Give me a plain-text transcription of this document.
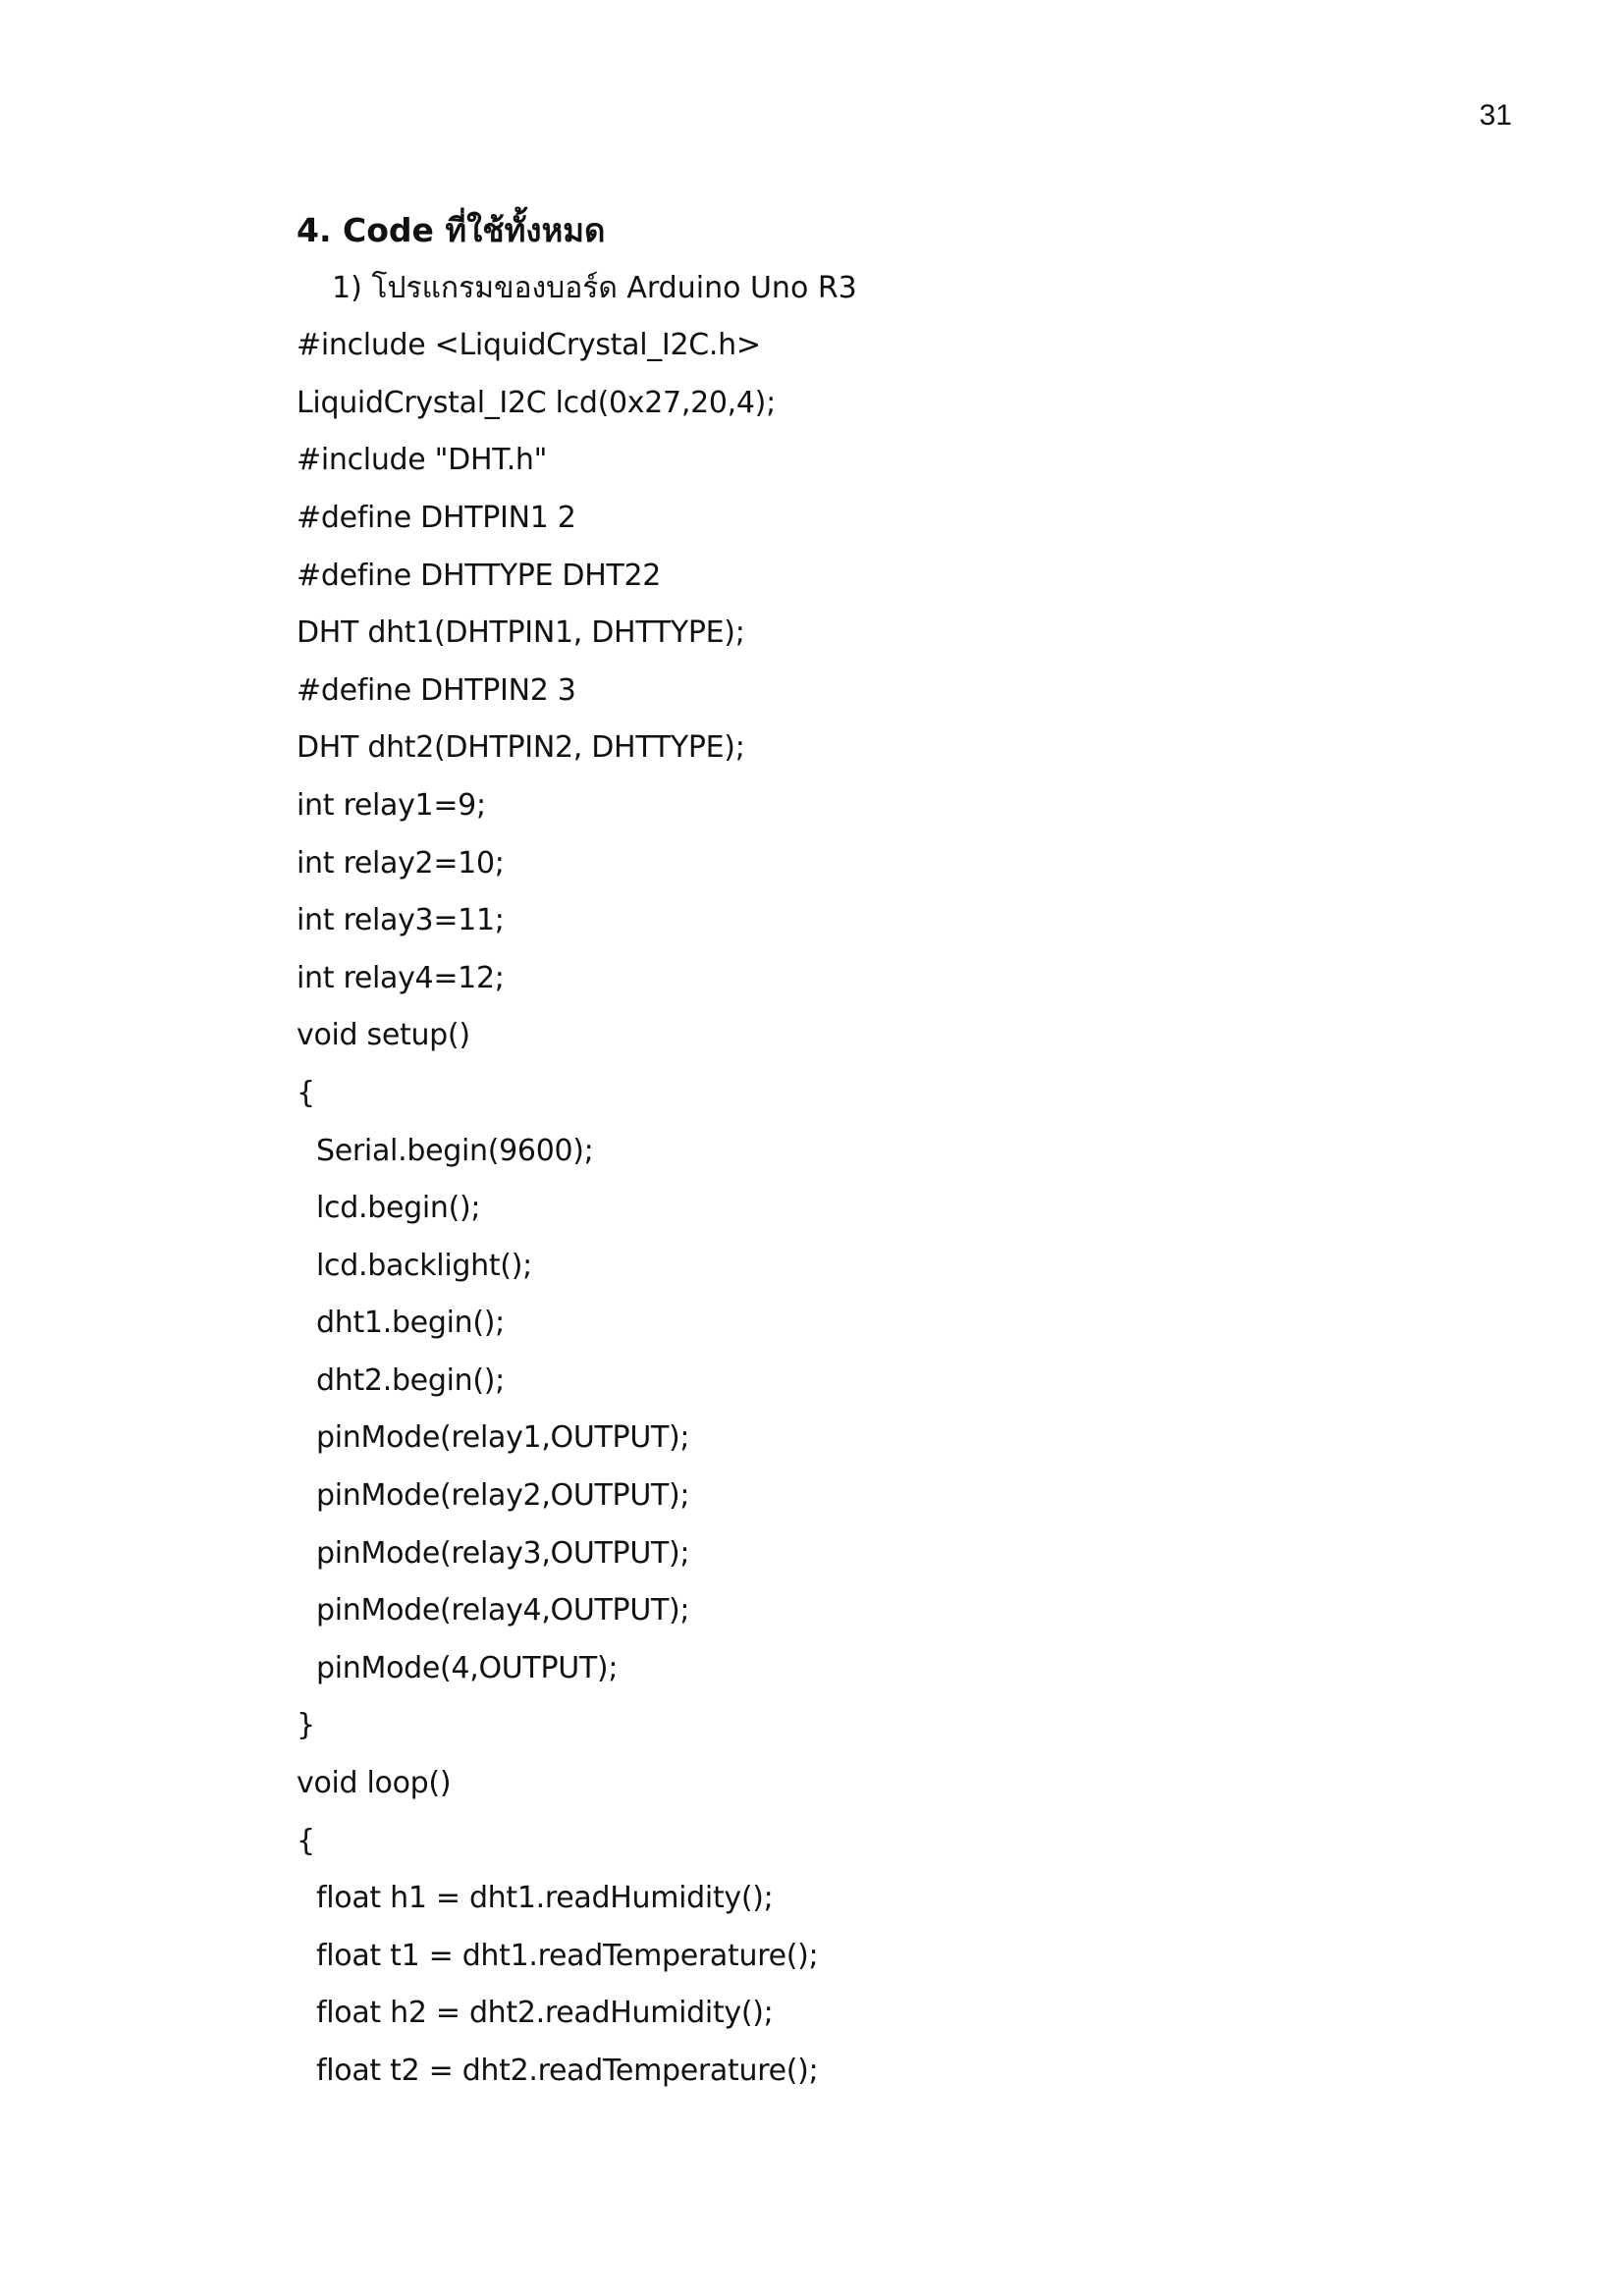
31
4. Code ที่ใช้ทั้งหมด
1) โปรแกรมของบอร์ด Arduino Uno R3
#include <LiquidCrystal_I2C.h>
LiquidCrystal_I2C lcd(0x27,20,4);
#include "DHT.h"
#define DHTPIN1 2
#define DHTTYPE DHT22
DHT dht1(DHTPIN1, DHTTYPE);
#define DHTPIN2 3
DHT dht2(DHTPIN2, DHTTYPE);
int relay1=9;
int relay2=10;
int relay3=11;
int relay4=12;
void setup()
{
Serial.begin(9600);
lcd.begin();
lcd.backlight();
dht1.begin();
dht2.begin();
pinMode(relay1,OUTPUT);
pinMode(relay2,OUTPUT);
pinMode(relay3,OUTPUT);
pinMode(relay4,OUTPUT);
pinMode(4,OUTPUT);
}
void loop()
{
float h1 = dht1.readHumidity();
float t1 = dht1.readTemperature();
float h2 = dht2.readHumidity();
float t2 = dht2.readTemperature();
